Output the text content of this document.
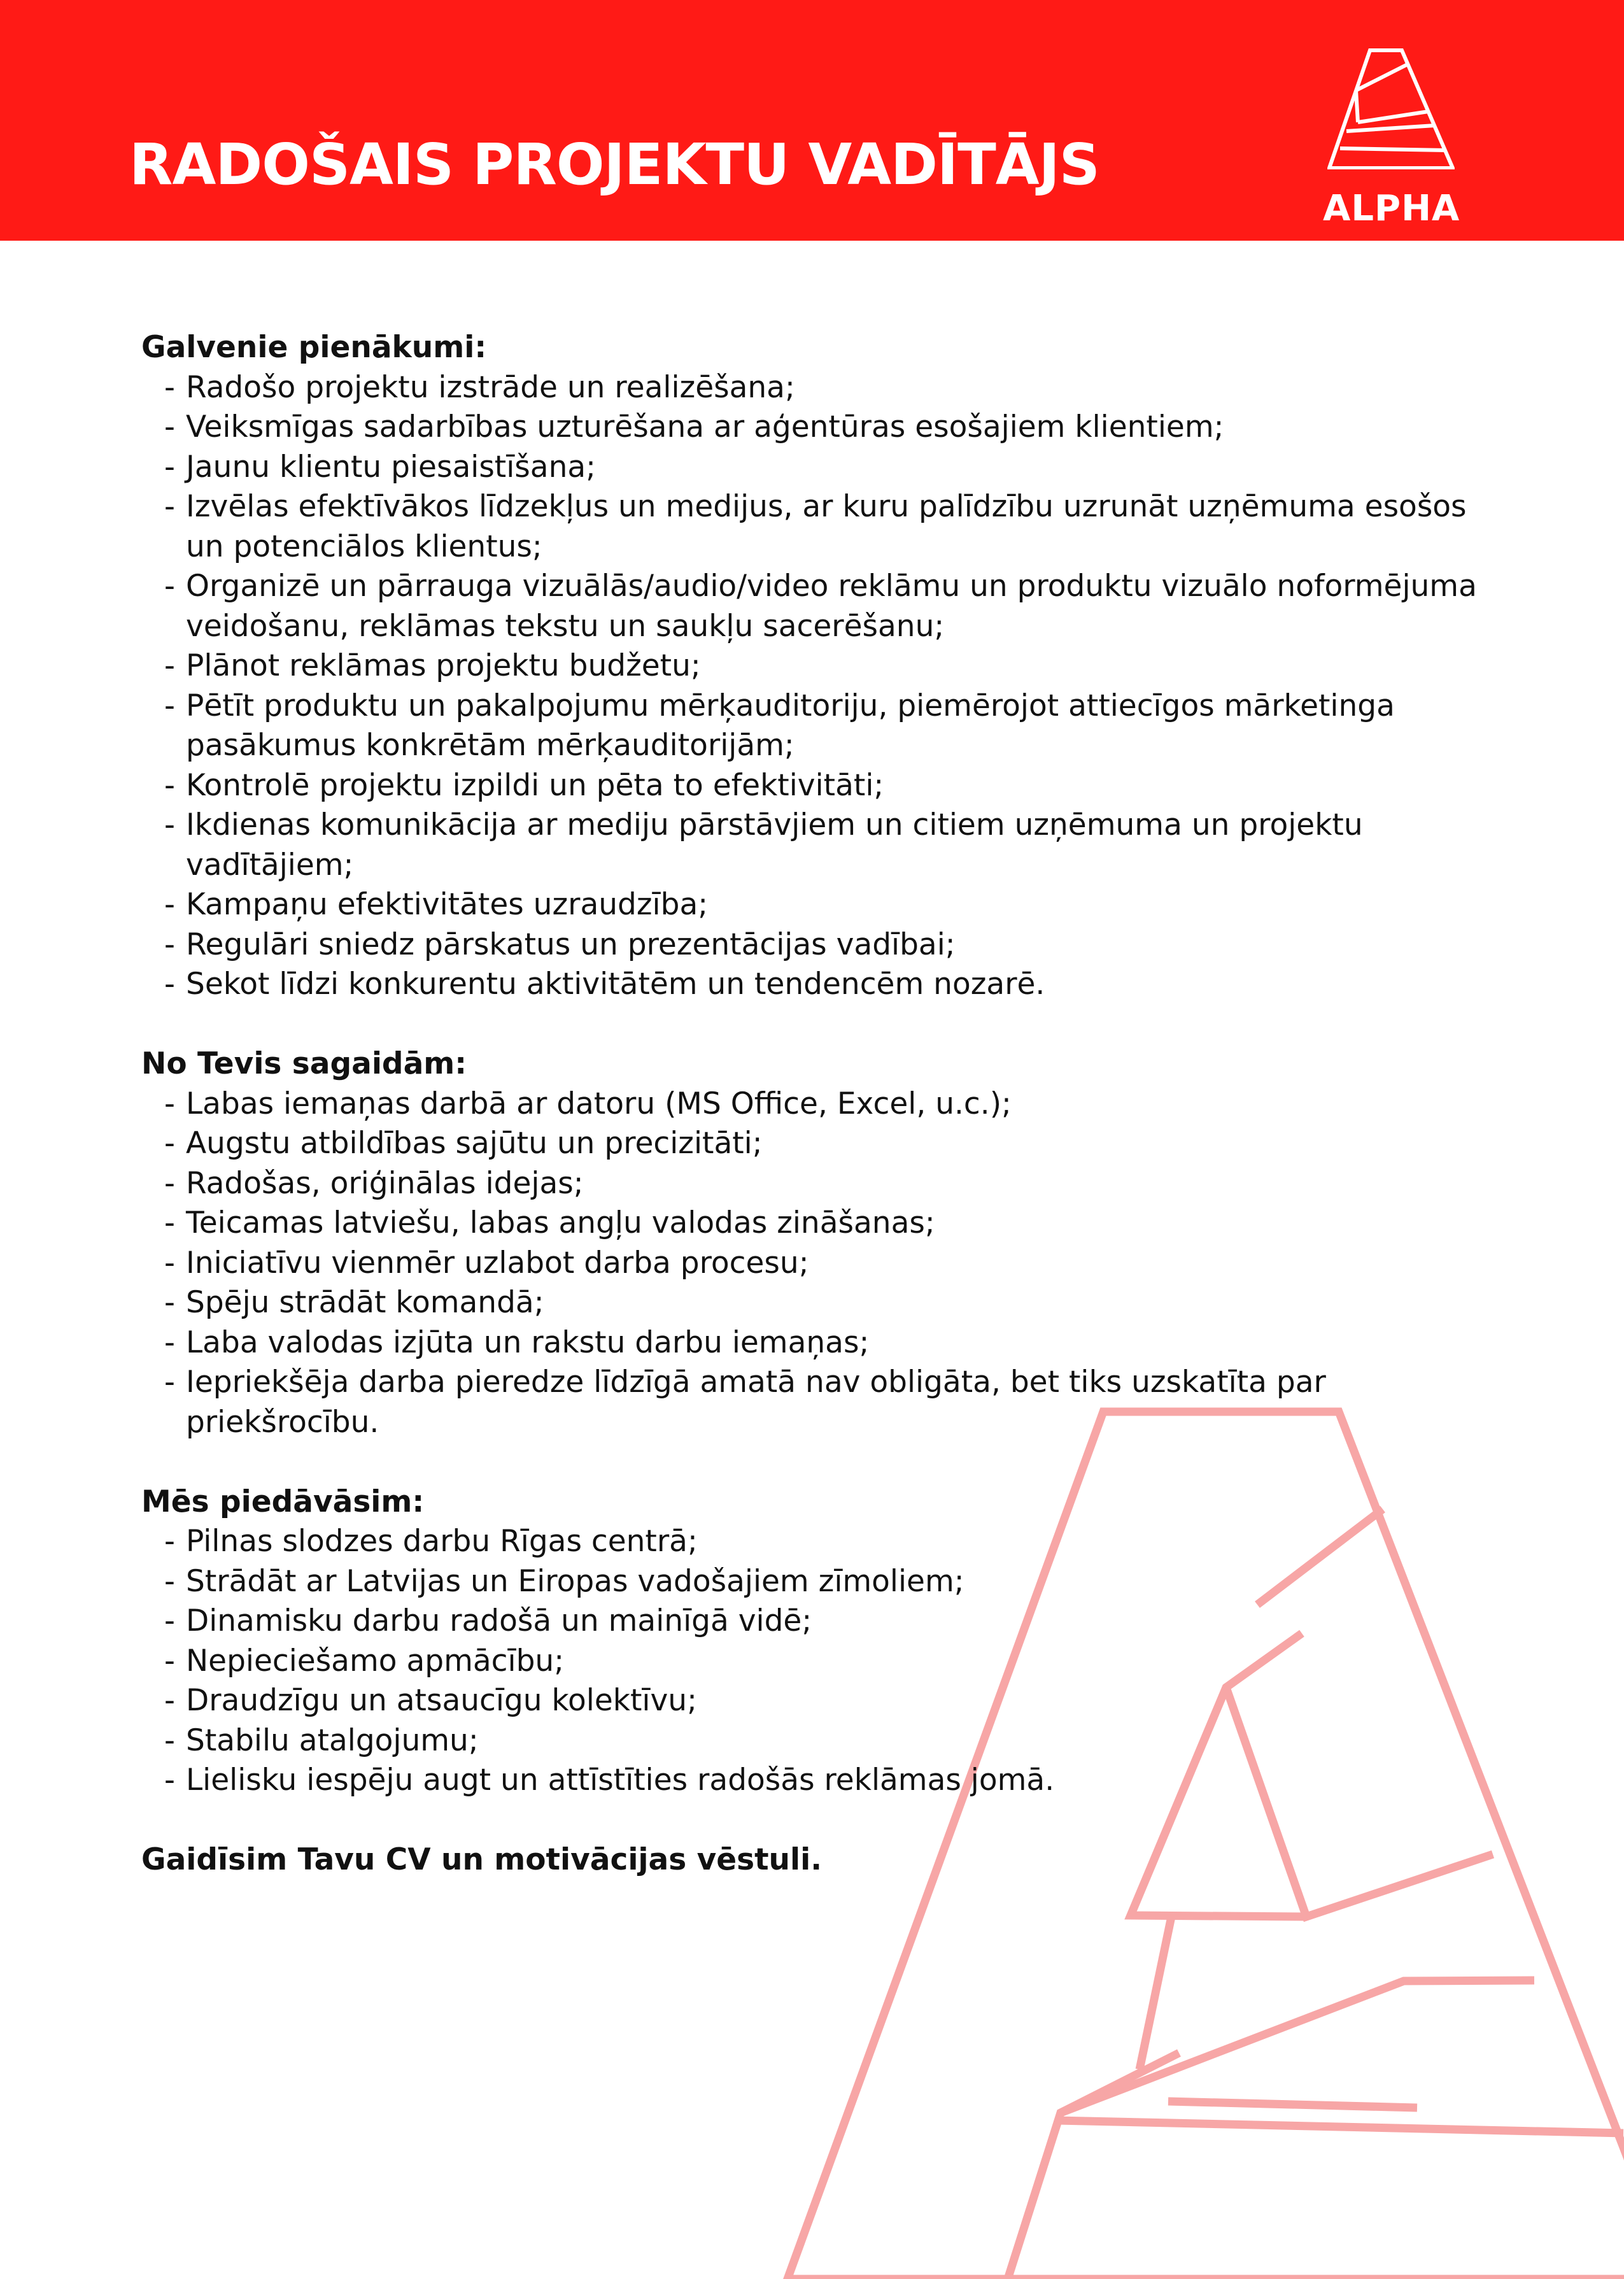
RADOŠAIS PROJEKTU VADĪTĀJS
ALPHA
Galvenie pienākumi:
- Radošo projektu izstrāde un realizēšana;
- Veiksmīgas sadarbības uzturēšana ar aģentūras esošajiem klientiem;
- Jaunu klientu piesaistīšana;
- Izvēlas efektīvākos līdzekļus un medijus, ar kuru palīdzību uzrunāt uzņēmuma esošos un potenciālos klientus;
- Organizē un pārrauga vizuālās/audio/video reklāmu un produktu vizuālo noformējuma veidošanu, reklāmas tekstu un saukļu sacerēšanu;
- Plānot reklāmas projektu budžetu;
- Pētīt produktu un pakalpojumu mērķauditoriju, piemērojot attiecīgos mārketinga pasākumus konkrētām mērķauditorijām;
- Kontrolē projektu izpildi un pēta to efektivitāti;
- Ikdienas komunikācija ar mediju pārstāvjiem un citiem uzņēmuma un projektu vadītājiem;
- Kampaņu efektivitātes uzraudzība;
- Regulāri sniedz pārskatus un prezentācijas vadībai;
- Sekot līdzi konkurentu aktivitātēm un tendencēm nozarē.
No Tevis sagaidām:
- Labas iemaņas darbā ar datoru (MS Office, Excel, u.c.);
- Augstu atbildības sajūtu un precizitāti;
- Radošas, oriģinālas idejas;
- Teicamas latviešu, labas angļu valodas zināšanas;
- Iniciatīvu vienmēr uzlabot darba procesu;
- Spēju strādāt komandā;
- Laba valodas izjūta un rakstu darbu iemaņas;
- Iepriekšēja darba pieredze līdzīgā amatā nav obligāta, bet tiks uzskatīta par priekšrocību.
Mēs piedāvāsim:
- Pilnas slodzes darbu Rīgas centrā;
- Strādāt ar Latvijas un Eiropas vadošajiem zīmoliem;
- Dinamisku darbu radošā un mainīgā vidē;
- Nepieciešamo apmācību;
- Draudzīgu un atsaucīgu kolektīvu;
- Stabilu atalgojumu;
- Lielisku iespēju augt un attīstīties radošās reklāmas jomā.
Gaidīsim Tavu CV un motivācijas vēstuli.
